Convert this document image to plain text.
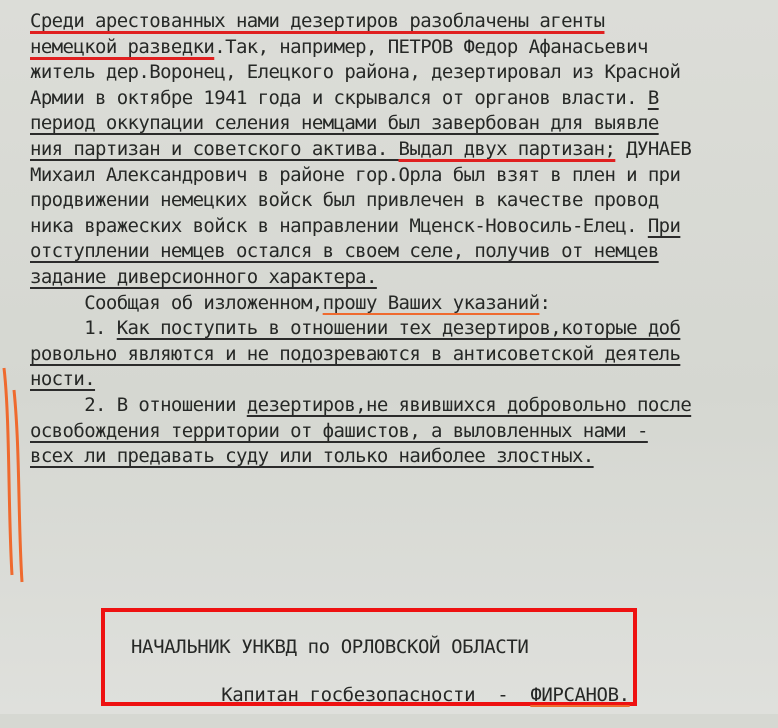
Среди арестованных нами дезертиров разоблачены агенты
немецкой разведки.Так, например, ПЕТРОВ Федор Афанасьевич
житель дер.Воронец, Елецкого района, дезертировал из Красной
Армии в октябре 1941 года и скрывался от органов власти. В
период оккупации селения немцами был завербован для выявле
ния партизан и советского актива. Выдал двух партизан; ДУНАЕВ
Михаил Александрович в районе гор.Орла был взят в плен и при
продвижении немецких войск был привлечен в качестве провод
ника вражеских войск в направлении Мценск-Новосиль-Елец. При
отступлении немцев остался в своем селе, получив от немцев
задание диверсионного характера.
Сообщая об изложенном,прошу Ваших указаний:
1. Как поступить в отношении тех дезертиров,которые доб
ровольно являются и не подозреваются в антисоветской деятель
ности.
2. В отношении дезертиров,не явившихся добровольно после
освобождения территории от фашистов, а выловленных нами -
всех ли предавать суду или только наиболее злостных.
НАЧАЛЬНИК УНКВД по ОРЛОВСКОЙ ОБЛАСТИ

Капитан госбезопасности  -  ФИРСАНОВ.
